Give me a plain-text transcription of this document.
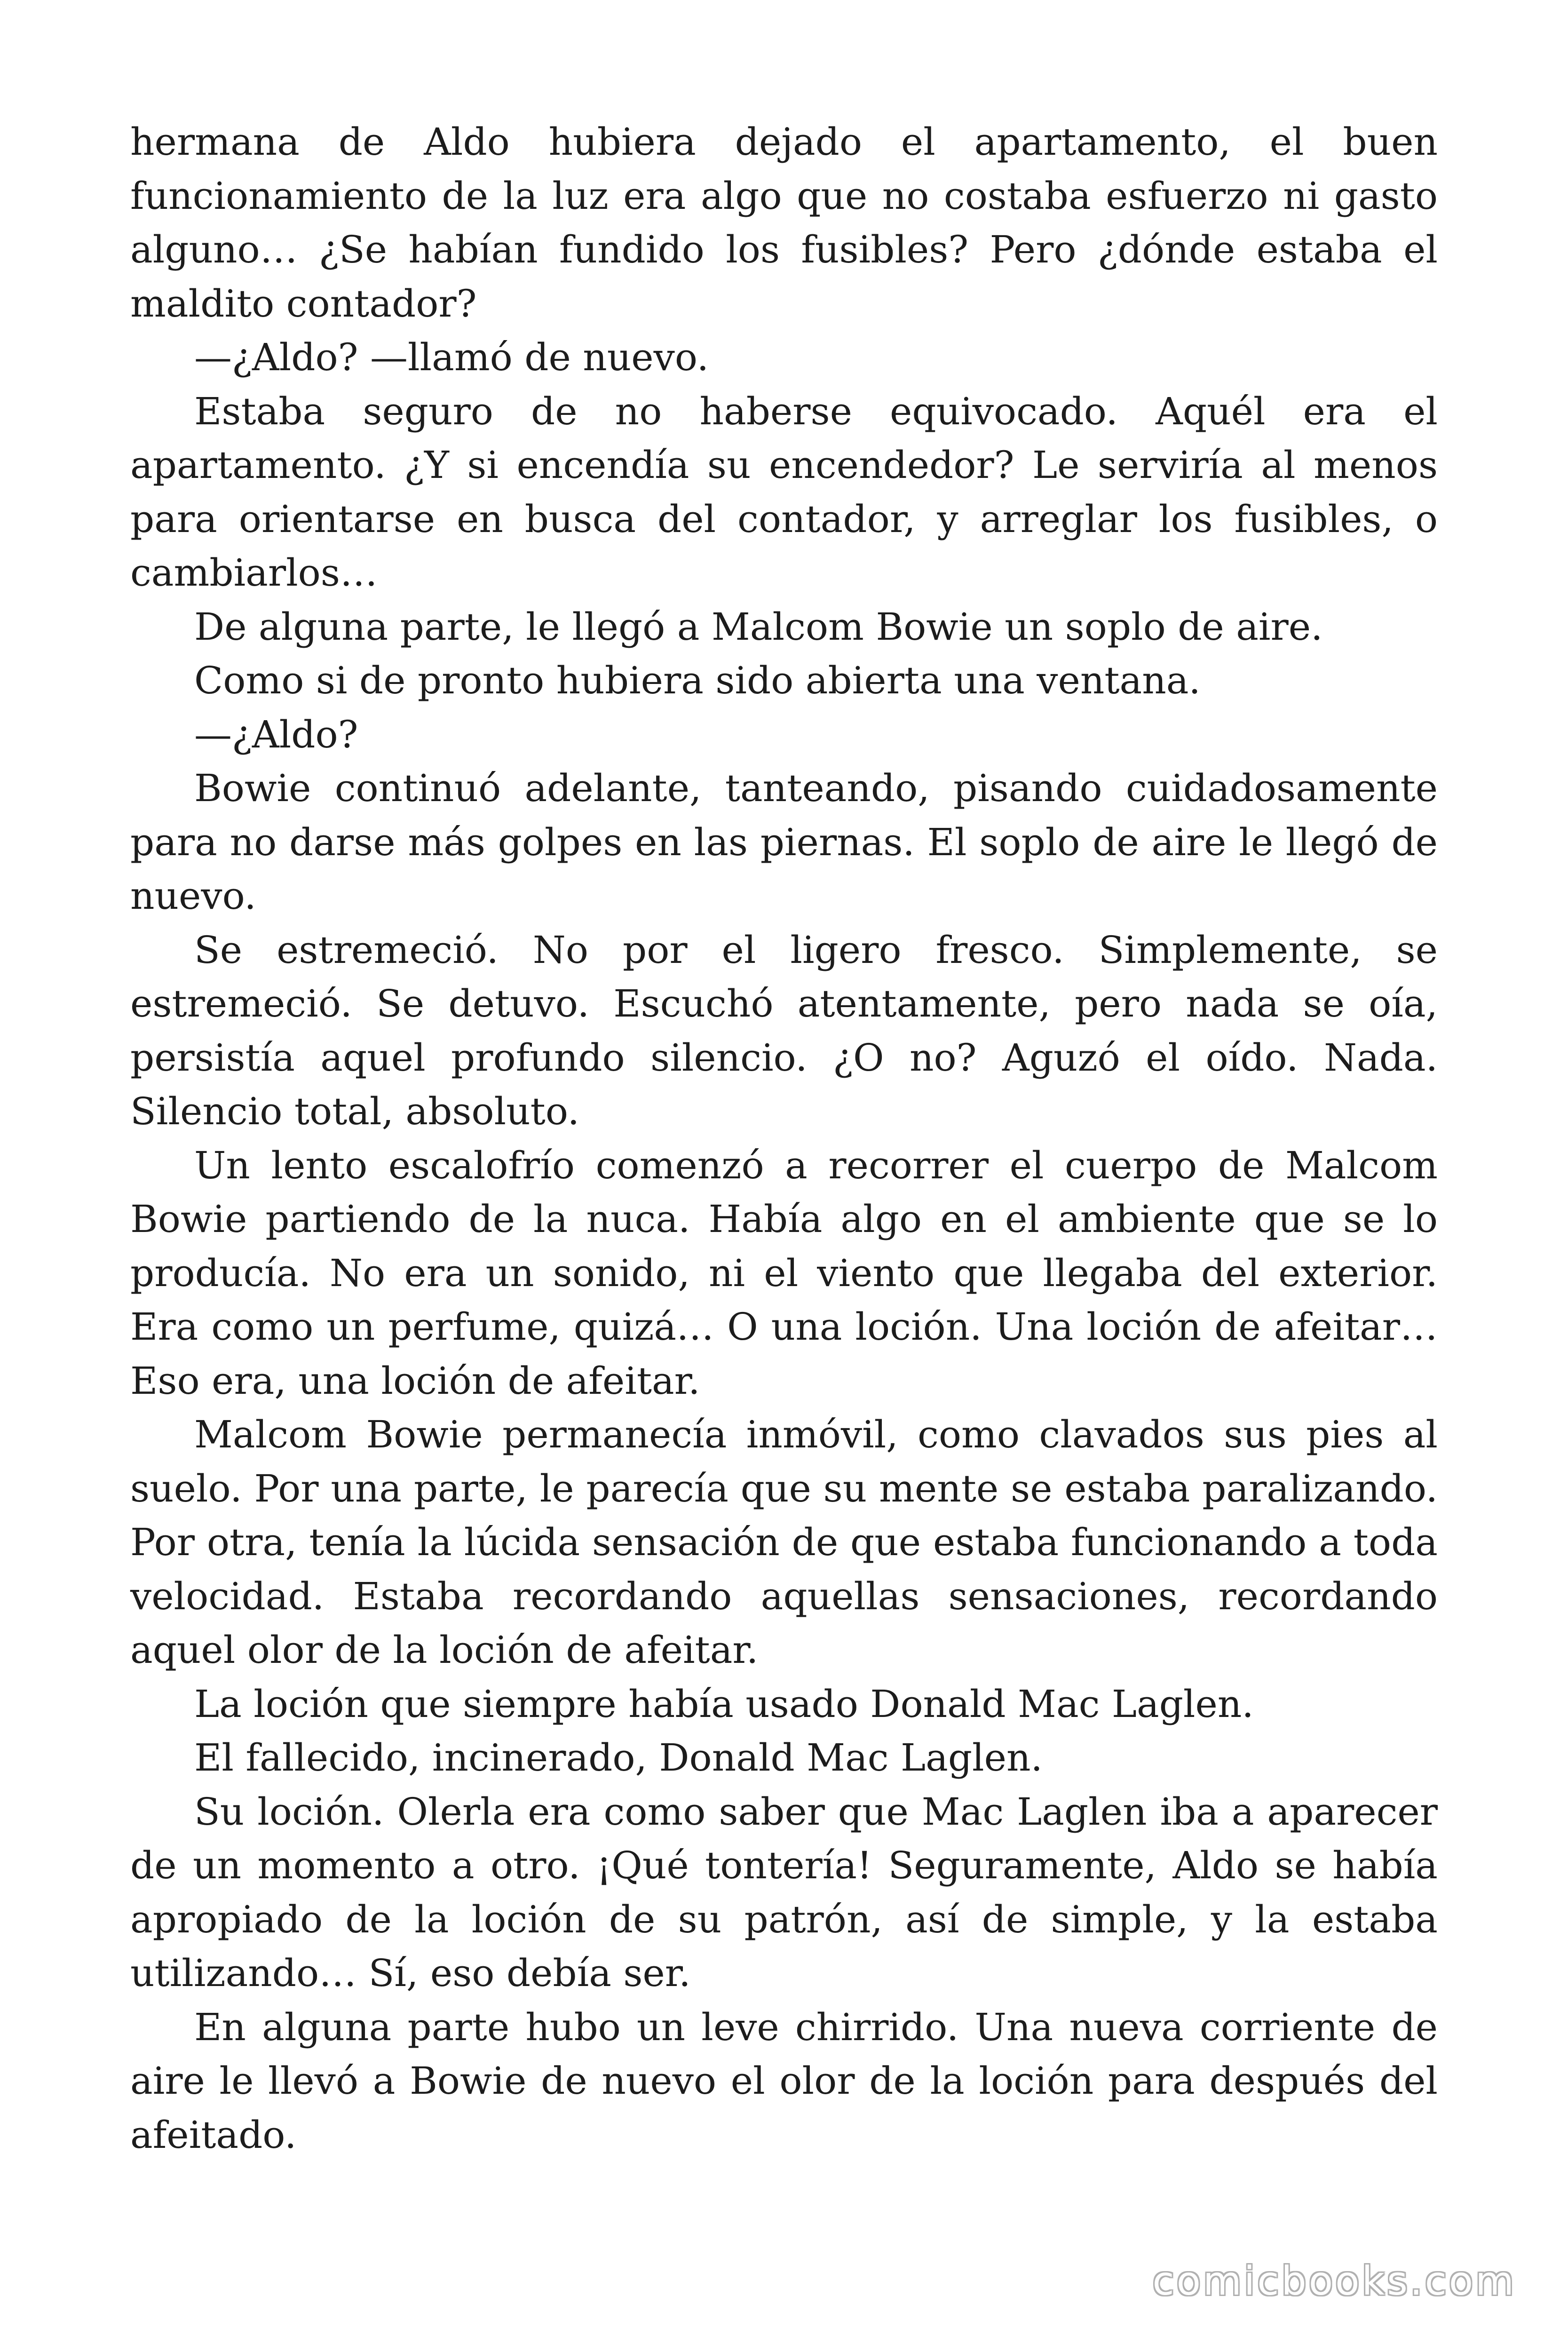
hermana de Aldo hubiera dejado el apartamento, el buen funcionamiento de la luz era algo que no costaba esfuerzo ni gasto alguno… ¿Se habían fundido los fusibles? Pero ¿dónde estaba el maldito contador?

—¿Aldo? —llamó de nuevo.

Estaba seguro de no haberse equivocado. Aquél era el apartamento. ¿Y si encendía su encendedor? Le serviría al menos para orientarse en busca del contador, y arreglar los fusibles, o cambiarlos…

De alguna parte, le llegó a Malcom Bowie un soplo de aire.

Como si de pronto hubiera sido abierta una ventana.

—¿Aldo?

Bowie continuó adelante, tanteando, pisando cuidadosamente para no darse más golpes en las piernas. El soplo de aire le llegó de nuevo.

Se estremeció. No por el ligero fresco. Simplemente, se estremeció. Se detuvo. Escuchó atentamente, pero nada se oía, persistía aquel profundo silencio. ¿O no? Aguzó el oído. Nada. Silencio total, absoluto.

Un lento escalofrío comenzó a recorrer el cuerpo de Malcom Bowie partiendo de la nuca. Había algo en el ambiente que se lo producía. No era un sonido, ni el viento que llegaba del exterior. Era como un perfume, quizá… O una loción. Una loción de afeitar… Eso era, una loción de afeitar.

Malcom Bowie permanecía inmóvil, como clavados sus pies al suelo. Por una parte, le parecía que su mente se estaba paralizando. Por otra, tenía la lúcida sensación de que estaba funcionando a toda velocidad. Estaba recordando aquellas sensaciones, recordando aquel olor de la loción de afeitar.

La loción que siempre había usado Donald Mac Laglen.

El fallecido, incinerado, Donald Mac Laglen.

Su loción. Olerla era como saber que Mac Laglen iba a aparecer de un momento a otro. ¡Qué tontería! Seguramente, Aldo se había apropiado de la loción de su patrón, así de simple, y la estaba utilizando… Sí, eso debía ser.

En alguna parte hubo un leve chirrido. Una nueva corriente de aire le llevó a Bowie de nuevo el olor de la loción para después del afeitado.

comicbooks.com
